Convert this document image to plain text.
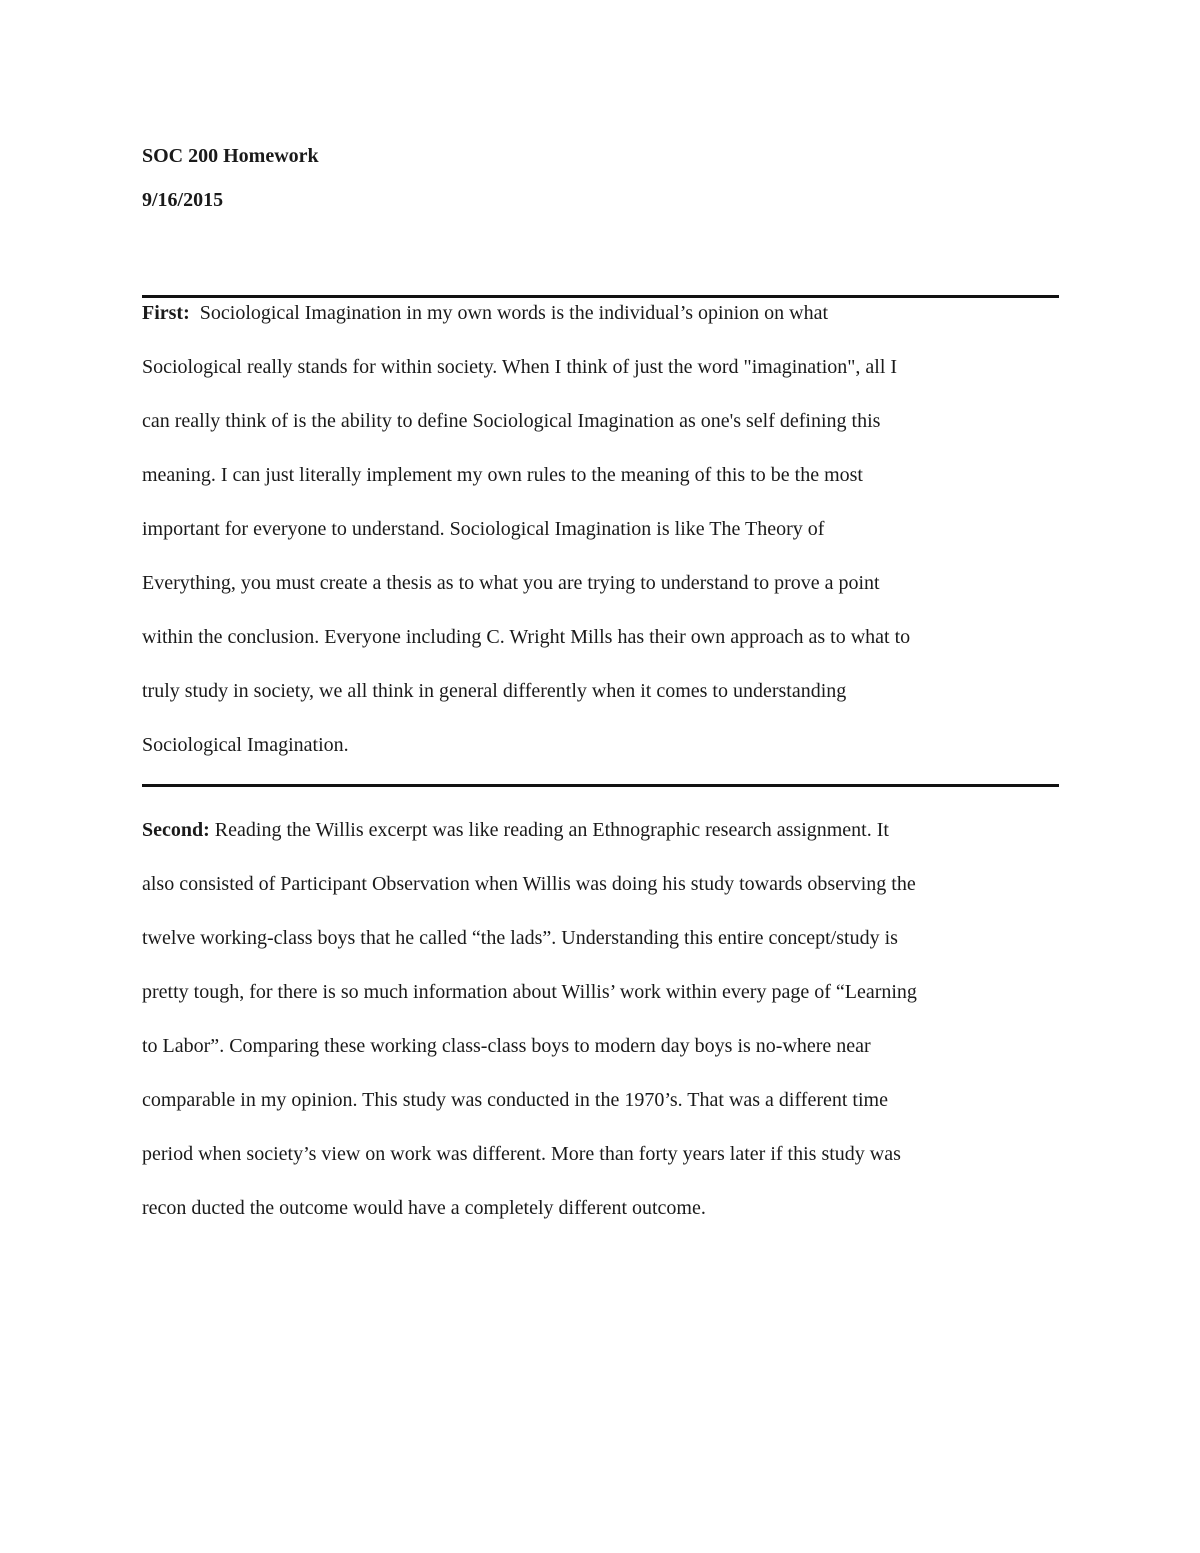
SOC 200 Homework
9/16/2015
First:  Sociological Imagination in my own words is the individual’s opinion on what
Sociological really stands for within society. When I think of just the word "imagination", all I
can really think of is the ability to define Sociological Imagination as one's self defining this
meaning. I can just literally implement my own rules to the meaning of this to be the most
important for everyone to understand. Sociological Imagination is like The Theory of
Everything, you must create a thesis as to what you are trying to understand to prove a point
within the conclusion. Everyone including C. Wright Mills has their own approach as to what to
truly study in society, we all think in general differently when it comes to understanding
Sociological Imagination.
Second: Reading the Willis excerpt was like reading an Ethnographic research assignment. It
also consisted of Participant Observation when Willis was doing his study towards observing the
twelve working-class boys that he called “the lads”. Understanding this entire concept/study is
pretty tough, for there is so much information about Willis’ work within every page of “Learning
to Labor”. Comparing these working class-class boys to modern day boys is no-where near
comparable in my opinion. This study was conducted in the 1970’s. That was a different time
period when society’s view on work was different. More than forty years later if this study was
recon ducted the outcome would have a completely different outcome.
